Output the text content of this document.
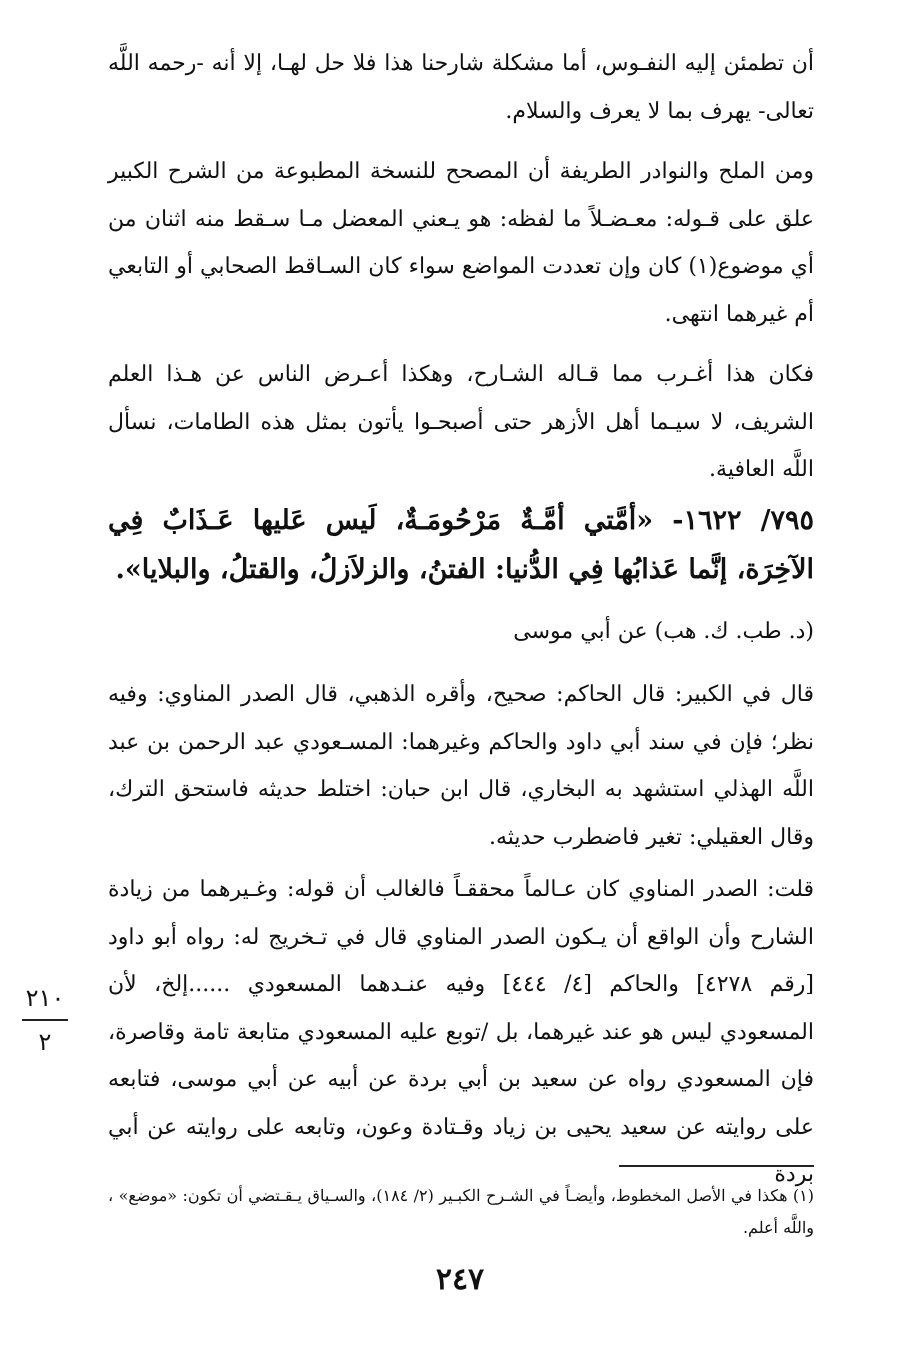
أن تطمئن إليه النفـوس، أما مشكلة شارحنا هذا فلا حل لهـا، إلا أنه -رحمه اللَّه تعالى- يهرف بما لا يعرف والسلام.
ومن الملح والنوادر الطريفة أن المصحح للنسخة المطبوعة من الشرح الكبير علق على قـوله: معـضـلاً ما لفظه: هو يـعني المعضل مـا سـقط منه اثنان من أي موضوع(١) كان وإن تعددت المواضع سواء كان السـاقط الصحابي أو التابعي أم غيرهما انتهى.
فكان هذا أغـرب مما قـاله الشـارح، وهكذا أعـرض الناس عن هـذا العلم الشريف، لا سيـما أهل الأزهر حتى أصبحـوا يأتون بمثل هذه الطامات، نسأل اللَّه العافية.
٧٩٥/ ١٦٢٢- «أمَّتي أمَّـةٌ مَرْحُومَـةٌ، لَيس عَليها عَـذَابٌ فِي الآخِرَة، إنَّما عَذابُها فِي الدُّنيا: الفتنُ، والزلاَزلُ، والقتلُ، والبلايا».
(د. طب. ك. هب) عن أبي موسى
قال في الكبير: قال الحاكم: صحيح، وأقره الذهبي، قال الصدر المناوي: وفيه نظر؛ فإن في سند أبي داود والحاكم وغيرهما: المسـعودي عبد الرحمن بن عبد اللَّه الهذلي استشهد به البخاري، قال ابن حبان: اختلط حديثه فاستحق الترك، وقال العقيلي: تغير فاضطرب حديثه.
قلت: الصدر المناوي كان عـالماً محققـاً فالغالب أن قوله: وغـيرهما من زيادة الشارح وأن الواقع أن يـكون الصدر المناوي قال في تـخريج له: رواه أبو داود [رقم ٤٢٧٨] والحاكم [٤/ ٤٤٤] وفيه عنـدهما المسعودي ......إلخ، لأن المسعودي ليس هو عند غيرهما، بل /توبع عليه المسعودي متابعة تامة وقاصرة، فإن المسعودي رواه عن سعيد بن أبي بردة عن أبيه عن أبي موسى، فتابعه على روايته عن سعيد يحيى بن زياد وقـتادة وعون، وتابعه على روايته عن أبي بردة
(١) هكذا في الأصل المخطوط، وأيضـاً في الشـرح الكبـير (٢/ ١٨٤)، والسـياق يـقـتضي أن تكون: «موضع» ، واللَّه أعلم.
٢١٠
٢
٢٤٧
